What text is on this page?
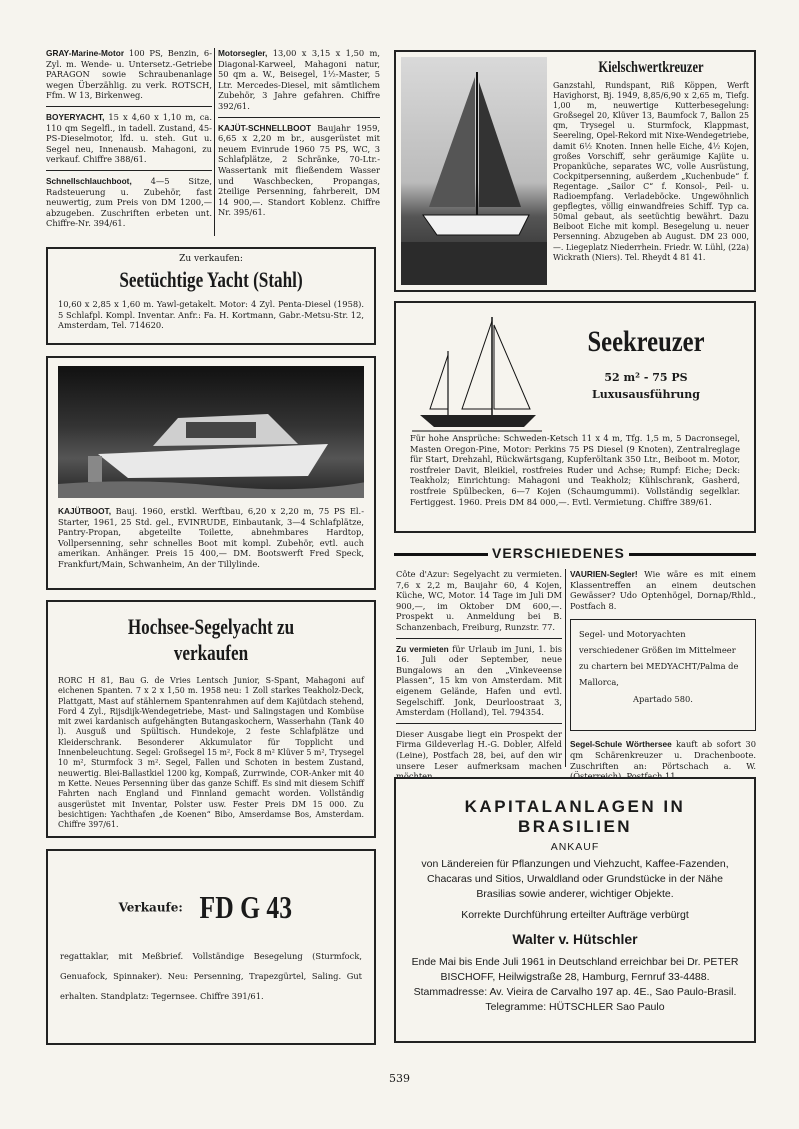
GRAY-Marine-Motor 100 PS, Benzin, 6-Zyl. m. Wende- u. Untersetz.-Getriebe PARAGON sowie Schraubenanlage wegen Überzählig. zu verk. ROTSCH, Ffm. W 13, Birkenweg.
BOYERYACHT, 15 x 4,60 x 1,10 m, ca. 110 qm Segelfl., in tadell. Zustand, 45-PS-Dieselmotor, lfd. u. steh. Gut u. Segel neu, Innenausb. Mahagoni, zu verkauf. Chiffre 388/61.
Schnellschlauchboot, 4—5 Sitze, Radsteuerung u. Zubehör, fast neuwertig, zum Preis von DM 1200,— abzugeben. Zuschriften erbeten unt. Chiffre-Nr. 394/61.
Motorsegler, 13,00 x 3,15 x 1,50 m, Diagonal-Karweel, Mahagoni natur, 50 qm a. W., Beisegel, 1½-Master, 5 Ltr. Mercedes-Diesel, mit sämtlichem Zubehör, 3 Jahre gefahren. Chiffre 392/61.
KAJÜT-SCHNELLBOOT Baujahr 1959, 6,65 x 2,20 m br., ausgerüstet mit neuem Evinrude 1960 75 PS, WC, 3 Schlafplätze, 2 Schränke, 70-Ltr.-Wassertank mit fließendem Wasser und Waschbecken, Propangas, 2teilige Persenning, fahrbereit, DM 14 900,—. Standort Koblenz. Chiffre Nr. 395/61.
Zu verkaufen:
Seetüchtige Yacht (Stahl)
10,60 x 2,85 x 1,60 m. Yawl-getakelt. Motor: 4 Zyl. Penta-Diesel (1958). 5 Schlafpl. Kompl. Inventar. Anfr.: Fa. H. Kortmann, Gabr.-Metsu-Str. 12, Amsterdam, Tel. 714620.
KAJÜTBOOT, Bauj. 1960, erstkl. Werftbau, 6,20 x 2,20 m, 75 PS El.-Starter, 1961, 25 Std. gel., EVINRUDE, Einbautank, 3—4 Schlafplätze, Pantry-Propan, abgeteilte Toilette, abnehmbares Hardtop, Vollpersenning, sehr schnelles Boot mit kompl. Zubehör, evtl. auch amerikan. Anhänger. Preis 15 400,— DM. Bootswerft Fred Speck, Frankfurt/Main, Schwanheim, An der Tillylinde.
Hochsee-Segelyacht zu verkaufen
RORC H 81, Bau G. de Vries Lentsch Junior, S-Spant, Mahagoni auf eichenen Spanten. 7 x 2 x 1,50 m. 1958 neu: 1 Zoll starkes Teakholz-Deck, Plattgatt, Mast auf stählernem Spantenrahmen auf dem Kajütdach stehend, Ford 4 Zyl., Rijsdijk-Wendegetriebe, Mast- und Salingstagen und Kombüse mit zwei kardanisch aufgehängten Butangaskochern, Wasserhahn (Tank 40 l). Ausguß und Spültisch. Hundekoje, 2 feste Schlafplätze und Kleiderschrank. Besonderer Akkumulator für Topplicht und Innenbeleuchtung. Segel: Großsegel 15 m², Fock 8 m² Klüver 5 m², Trysegel 10 m², Sturmfock 3 m². Segel, Fallen und Schoten in bestem Zustand, neuwertig. Blei-Ballastkiel 1200 kg, Kompaß, Zurrwinde, COR-Anker mit 40 m Kette. Neues Persenning über das ganze Schiff. Es sind mit diesem Schiff Fahrten nach England und Finnland gemacht worden. Vollständig ausgerüstet mit Inventar, Polster usw. Fester Preis DM 15 000. Zu besichtigen: Yachthafen „de Koenen“ Bibo, Amserdamse Bos, Amsterdam. Chiffre 397/61.
Verkaufe: FD G 43
regattaklar, mit Meßbrief. Vollständige Besegelung (Sturmfock, Genuafock, Spinnaker). Neu: Persenning, Trapezgürtel, Saling. Gut erhalten. Standplatz: Tegernsee. Chiffre 391/61.
Kielschwertkreuzer
Ganzstahl, Rundspant, Riß Köppen, Werft Havighorst, Bj. 1949, 8,85/6,90 x 2,65 m, Tiefg. 1,00 m, neuwertige Kutterbesegelung: Großsegel 20, Klüver 13, Baumfock 7, Ballon 25 qm, Trysegel u. Sturmfock, Klappmast, Seereling, Opel-Rekord mit Nixe-Wendegetriebe, damit 6½ Knoten. Innen helle Eiche, 4½ Kojen, großes Vorschiff, sehr geräumige Kajüte u. Propanküche, separates WC, volle Ausrüstung, Cockpitpersenning, außerdem „Kuchenbude“ f. Regentage. „Sailor C“ f. Konsol-, Peil- u. Radioempfang. Verladeböcke. Ungewöhnlich gepflegtes, völlig einwandfreies Schiff. Typ ca. 50mal gebaut, als seetüchtig bewährt. Dazu Beiboot Eiche mit kompl. Besegelung u. neuer Persenning. Abzugeben ab August. DM 23 000,—. Liegeplatz Niederrhein. Friedr. W. Lühl, (22a) Wickrath (Niers). Tel. Rheydt 4 81 41.
Seekreuzer
52 m² - 75 PS
Luxusausführung
Für hohe Ansprüche: Schweden-Ketsch 11 x 4 m, Tfg. 1,5 m, 5 Dacronsegel, Masten Oregon-Pine, Motor: Perkins 75 PS Diesel (9 Knoten), Zentralreglage für Start, Drehzahl, Rückwärtsgang, Kupferöltank 350 Ltr., Beiboot m. Motor, rostfreier Davit, Bleikiel, rostfreies Ruder und Achse; Rumpf: Eiche; Deck: Teakholz; Einrichtung: Mahagoni und Teakholz; Kühlschrank, Gasherd, rostfreie Spülbecken, 6—7 Kojen (Schaumgummi). Vollständig segelklar. Fertiggest. 1960. Preis DM 84 000,—. Evtl. Vermietung. Chiffre 389/61.
VERSCHIEDENES
Côte d'Azur: Segelyacht zu vermieten. 7,6 x 2,2 m, Baujahr 60, 4 Kojen, Küche, WC, Motor. 14 Tage im Juli DM 900,—, im Oktober DM 600,—. Prospekt u. Anmeldung bei B. Schanzenbach, Freiburg, Runzstr. 77.
Zu vermieten für Urlaub im Juni, 1. bis 16. Juli oder September, neue Bungalows an den „Vinkeveense Plassen“, 15 km von Amsterdam. Mit eigenem Gelände, Hafen und evtl. Segelschiff. Jonk, Deurloostraat 3, Amsterdam (Holland), Tel. 794354.
Dieser Ausgabe liegt ein Prospekt der Firma Gildeverlag H.-G. Dobler, Alfeld (Leine), Postfach 28, bei, auf den wir unsere Leser aufmerksam machen
VAURIEN-Segler! Wie wäre es mit einem Klassentreffen an einem deutschen Gewässer? Udo Optenhögel, Dornap/Rhld., Postfach 8.
Segel- und Motoryachten verschiedener Größen im Mittelmeer zu chartern bei MEDYACHT/Palma de Mallorca,
Apartado 580.
Segel-Schule Wörthersee kauft ab sofort 30 qm Schärenkreuzer u. Drachenboote. Zuschriften an: Pörtschach a. W.
KAPITALANLAGEN IN BRASILIEN
ANKAUF
von Ländereien für Pflanzungen und Viehzucht, Kaffee-Fazenden, Chacaras und Sitios, Urwaldland oder Grundstücke in der Nähe Brasilias sowie anderer, wichtiger Objekte.
Korrekte Durchführung erteilter Aufträge verbürgt
Walter v. Hütschler
Ende Mai bis Ende Juli 1961 in Deutschland erreichbar bei Dr. PETER BISCHOFF, Heilwigstraße 28, Hamburg, Fernruf 33-4488. Stammadresse: Av. Vieira de Carvalho 197 ap. 4E., Sao Paulo-Brasil. Telegramme: HÜTSCHLER Sao Paulo
539
